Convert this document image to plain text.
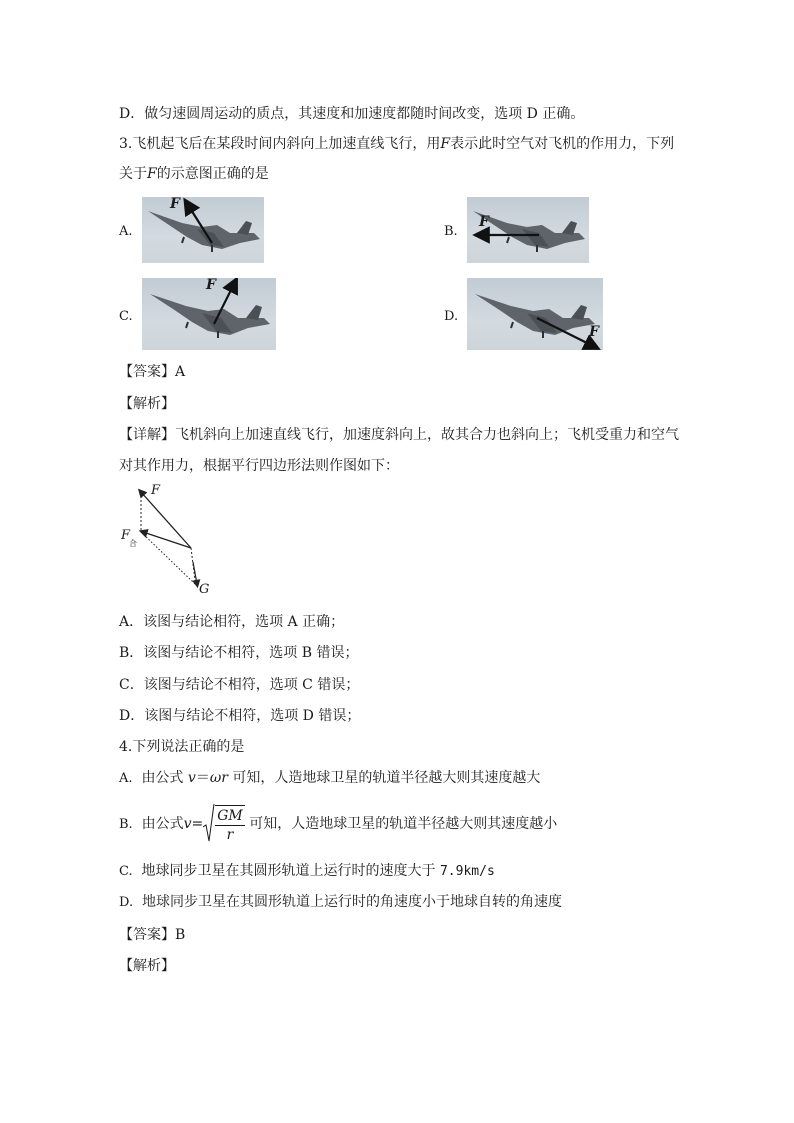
D．做匀速圆周运动的质点，其速度和加速度都随时间改变，选项 D 正确。
3.飞机起飞后在某段时间内斜向上加速直线飞行，用F表示此时空气对飞机的作用力，下列
关于F的示意图正确的是
A.
F
B.
F
C.
F
D.
F
【答案】A
【解析】
【详解】飞机斜向上加速直线飞行，加速度斜向上，故其合力也斜向上；飞机受重力和空气
对其作用力，根据平行四边形法则作图如下：
F
F
合
G
A．该图与结论相符，选项 A 正确；
B．该图与结论不相符，选项 B 错误；
C．该图与结论不相符，选项 C 错误；
D．该图与结论不相符，选项 D 错误；
4.下列说法正确的是
A. 由公式 v＝ωr 可知，人造地球卫星的轨道半径越大则其速度越大
B. 由公式$v= \frac{GM}{r}$ 可知，人造地球卫星的轨道半径越大则其速度越小
C. 地球同步卫星在其圆形轨道上运行时的速度大于 7.9km/s
D. 地球同步卫星在其圆形轨道上运行时的角速度小于地球自转的角速度
【答案】B
【解析】
